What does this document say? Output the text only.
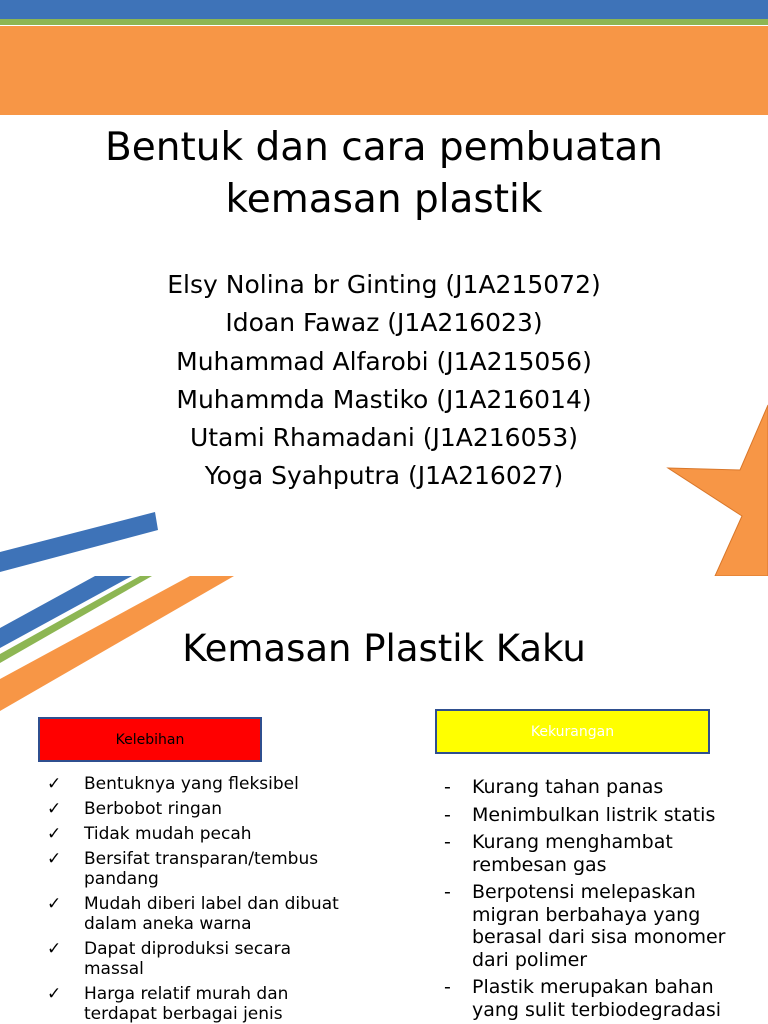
Bentuk dan cara pembuatan
kemasan plastik
Elsy Nolina br Ginting (J1A215072)
Idoan Fawaz (J1A216023)
Muhammad Alfarobi (J1A215056)
Muhammda Mastiko (J1A216014)
Utami Rhamadani (J1A216053)
Yoga Syahputra (J1A216027)
Kemasan Plastik Kaku
Kelebihan	Kekurangan
✓ Bentuknya yang fleksibel
✓ Berbobot ringan
✓ Tidak mudah pecah
✓ Bersifat transparan/tembus pandang
✓ Mudah diberi label dan dibuat dalam aneka warna
✓ Dapat diproduksi secara massal
✓ Harga relatif murah dan terdapat berbagai jenis
- Kurang tahan panas
- Menimbulkan listrik statis
- Kurang menghambat rembesan gas
- Berpotensi melepaskan migran berbahaya yang berasal dari sisa monomer dari polimer
- Plastik merupakan bahan yang sulit terbiodegradasi
